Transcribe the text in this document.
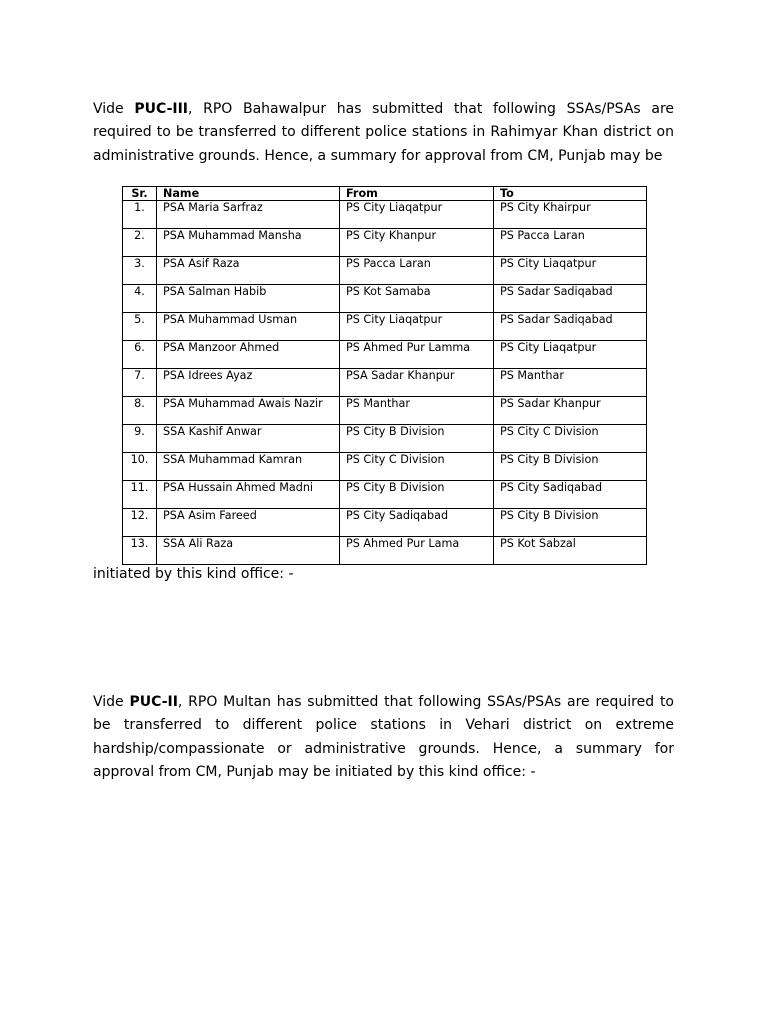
Vide PUC-III, RPO Bahawalpur has submitted that following SSAs/PSAs are required to be transferred to different police stations in Rahimyar Khan district on administrative grounds. Hence, a summary for approval from CM, Punjab may be

Sr.	Name	From	To
1.	PSA Maria Sarfraz	PS City Liaqatpur	PS City Khairpur
2.	PSA Muhammad Mansha	PS City Khanpur	PS Pacca Laran
3.	PSA Asif Raza	PS Pacca Laran	PS City Liaqatpur
4.	PSA Salman Habib	PS Kot Samaba	PS Sadar Sadiqabad
5.	PSA Muhammad Usman	PS City Liaqatpur	PS Sadar Sadiqabad
6.	PSA Manzoor Ahmed	PS Ahmed Pur Lamma	PS City Liaqatpur
7.	PSA Idrees Ayaz	PSA Sadar Khanpur	PS Manthar
8.	PSA Muhammad Awais Nazir	PS Manthar	PS Sadar Khanpur
9.	SSA Kashif Anwar	PS City B Division	PS City C Division
10.	SSA Muhammad Kamran	PS City C Division	PS City B Division
11.	PSA Hussain Ahmed Madni	PS City B Division	PS City Sadiqabad
12.	PSA Asim Fareed	PS City Sadiqabad	PS City B Division
13.	SSA Ali Raza	PS Ahmed Pur Lama	PS Kot Sabzal

initiated by this kind office: -

Vide PUC-II, RPO Multan has submitted that following SSAs/PSAs are required to be transferred to different police stations in Vehari district on extreme hardship/compassionate or administrative grounds. Hence, a summary for approval from CM, Punjab may be initiated by this kind office: -
